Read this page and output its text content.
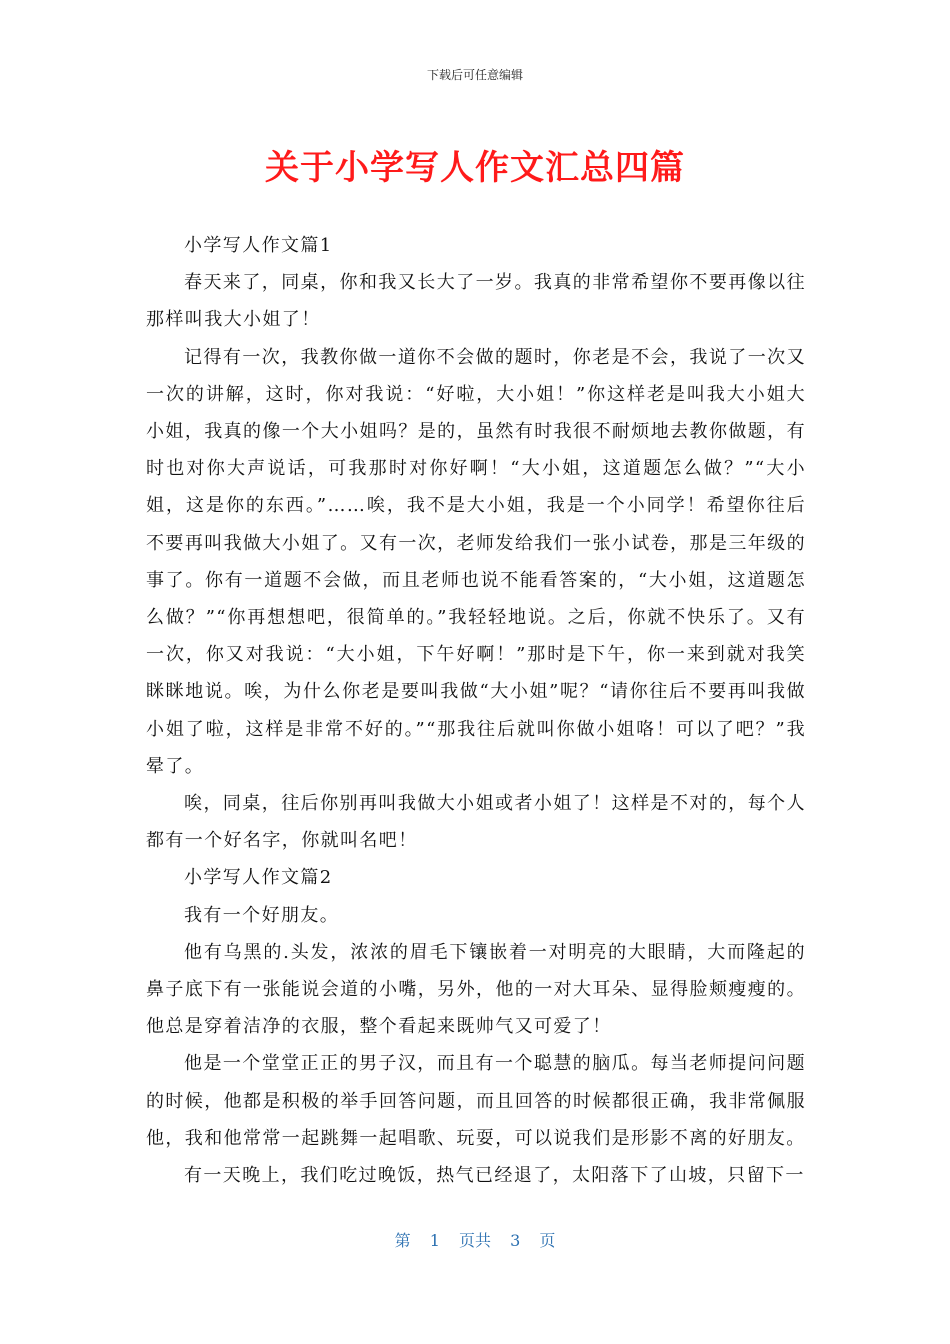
下载后可任意编辑
关于小学写人作文汇总四篇

小学写人作文篇1

春天来了，同桌，你和我又长大了一岁。我真的非常希望你不要再像以往那样叫我大小姐了！

记得有一次，我教你做一道你不会做的题时，你老是不会，我说了一次又一次的讲解，这时，你对我说：“好啦，大小姐！”你这样老是叫我大小姐大小姐，我真的像一个大小姐吗？是的，虽然有时我很不耐烦地去教你做题，有时也对你大声说话，可我那时对你好啊！“大小姐，这道题怎么做？”“大小姐，这是你的东西。”……唉，我不是大小姐，我是一个小同学！希望你往后不要再叫我做大小姐了。又有一次，老师发给我们一张小试卷，那是三年级的事了。你有一道题不会做，而且老师也说不能看答案的，“大小姐，这道题怎么做？”“你再想想吧，很简单的。”我轻轻地说。之后，你就不快乐了。又有一次，你又对我说：“大小姐，下午好啊！”那时是下午，你一来到就对我笑眯眯地说。唉，为什么你老是要叫我做“大小姐”呢？“请你往后不要再叫我做小姐了啦，这样是非常不好的。”“那我往后就叫你做小姐咯！可以了吧？”我晕了。

唉，同桌，往后你别再叫我做大小姐或者小姐了！这样是不对的，每个人都有一个好名字，你就叫名吧！

小学写人作文篇2

我有一个好朋友。

他有乌黑的.头发，浓浓的眉毛下镶嵌着一对明亮的大眼睛，大而隆起的鼻子底下有一张能说会道的小嘴，另外，他的一对大耳朵、显得脸颊瘦瘦的。他总是穿着洁净的衣服，整个看起来既帅气又可爱了！

他是一个堂堂正正的男子汉，而且有一个聪慧的脑瓜。每当老师提问问题的时候，他都是积极的举手回答问题，而且回答的时候都很正确，我非常佩服他，我和他常常一起跳舞一起唱歌、玩耍，可以说我们是形影不离的好朋友。

有一天晚上，我们吃过晚饭，热气已经退了，太阳落下了山坡，只留下一

第 1 页共 3 页
